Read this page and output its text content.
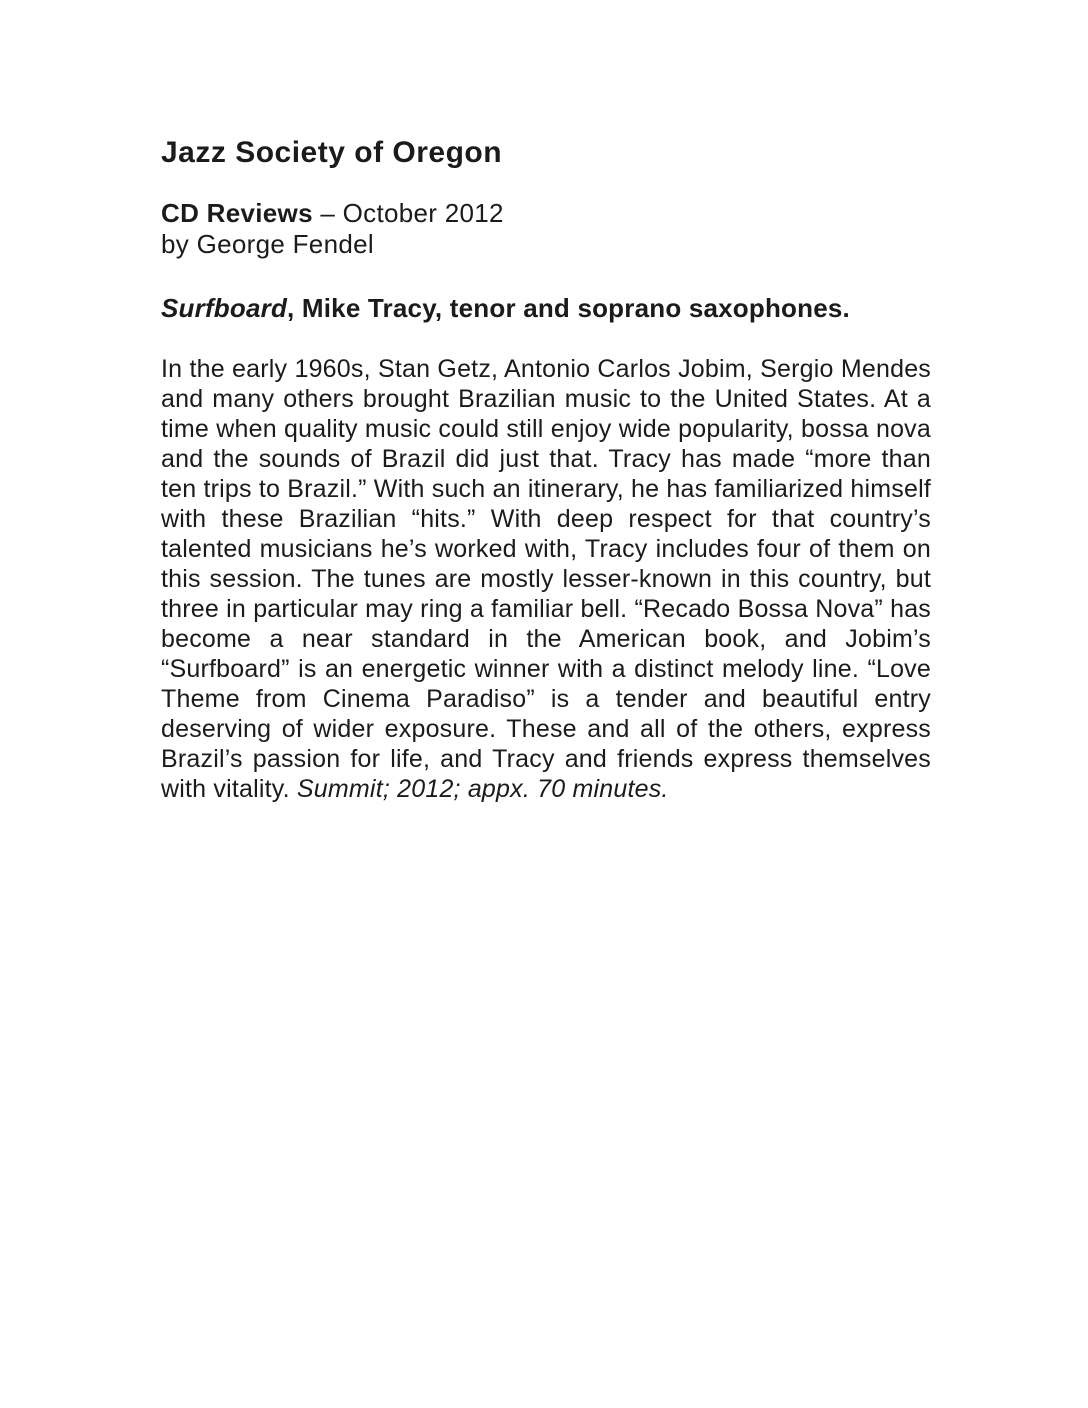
Jazz Society of Oregon

CD Reviews – October 2012
by George Fendel

Surfboard, Mike Tracy, tenor and soprano saxophones.

In the early 1960s, Stan Getz, Antonio Carlos Jobim, Sergio Mendes and many others brought Brazilian music to the United States. At a time when quality music could still enjoy wide popularity, bossa nova and the sounds of Brazil did just that. Tracy has made “more than ten trips to Brazil.” With such an itinerary, he has familiarized himself with these Brazilian “hits.” With deep respect for that country’s talented musicians he’s worked with, Tracy includes four of them on this session. The tunes are mostly lesser-known in this country, but three in particular may ring a familiar bell. “Recado Bossa Nova” has become a near standard in the American book, and Jobim’s “Surfboard” is an energetic winner with a distinct melody line. “Love Theme from Cinema Paradiso” is a tender and beautiful entry deserving of wider exposure. These and all of the others, express Brazil’s passion for life, and Tracy and friends express themselves with vitality. Summit; 2012; appx. 70 minutes.
